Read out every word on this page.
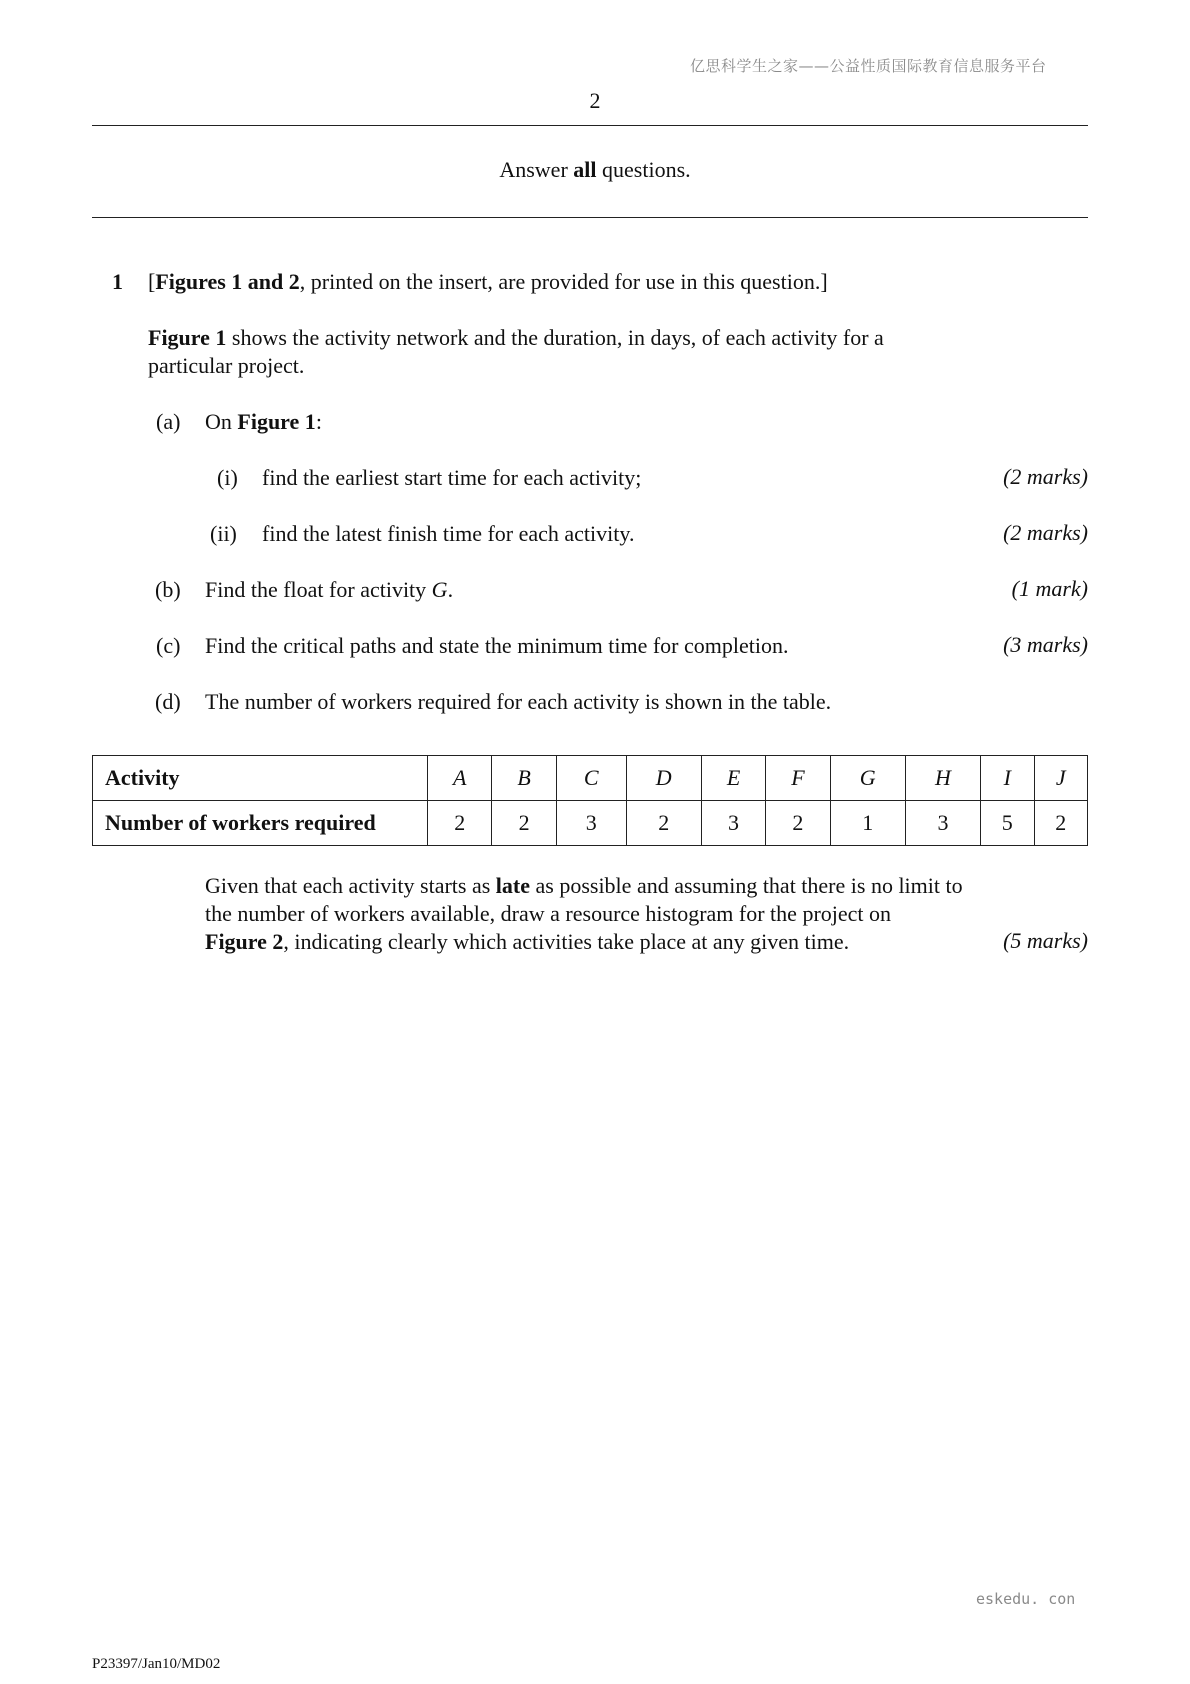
亿思科学生之家——公益性质国际教育信息服务平台
2
Answer all questions.
1 [Figures 1 and 2, printed on the insert, are provided for use in this question.]
Figure 1 shows the activity network and the duration, in days, of each activity for a
particular project.
(a) On Figure 1:
(i) find the earliest start time for each activity;	(2 marks)
(ii) find the latest finish time for each activity.	(2 marks)
(b) Find the float for activity G.	(1 mark)
(c) Find the critical paths and state the minimum time for completion.	(3 marks)
(d) The number of workers required for each activity is shown in the table.
Activity	A	B	C	D	E	F	G	H	I	J
Number of workers required	2	2	3	2	3	2	1	3	5	2
Given that each activity starts as late as possible and assuming that there is no limit to
the number of workers available, draw a resource histogram for the project on
Figure 2, indicating clearly which activities take place at any given time.	(5 marks)
eskedu. con
P23397/Jan10/MD02
